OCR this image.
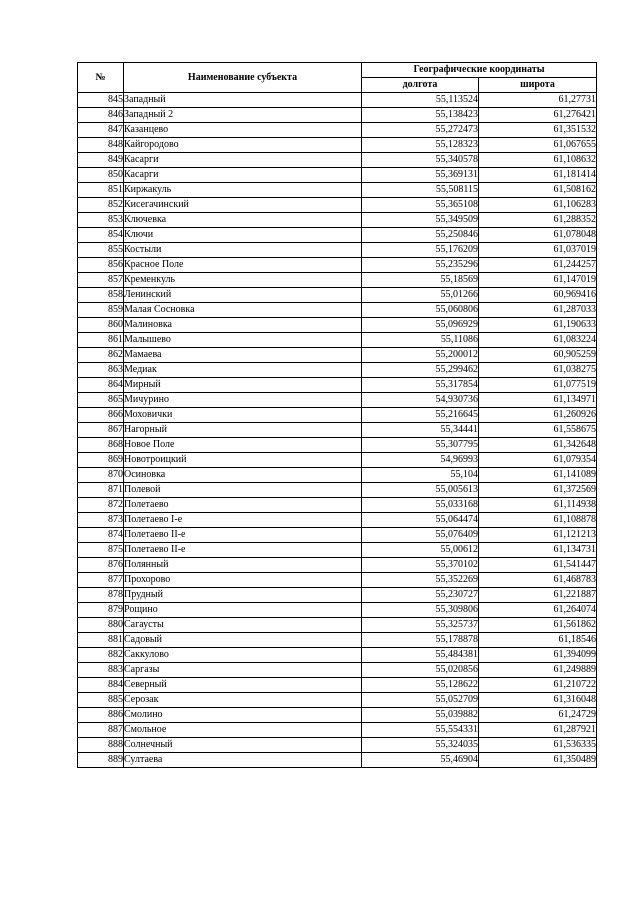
№	Наименование субъекта	Географические координаты	
		долгота	широта
845	Западный	55,113524	61,27731
846	Западный 2	55,138423	61,276421
847	Казанцево	55,272473	61,351532
848	Кайгородово	55,128323	61,067655
849	Касарги	55,340578	61,108632
850	Касарги	55,369131	61,181414
851	Киржакуль	55,508115	61,508162
852	Кисегачинский	55,365108	61,106283
853	Ключевка	55,349509	61,288352
854	Ключи	55,250846	61,078048
855	Костыли	55,176209	61,037019
856	Красное Поле	55,235296	61,244257
857	Кременкуль	55,18569	61,147019
858	Ленинский	55,01266	60,969416
859	Малая Сосновка	55,060806	61,287033
860	Малиновка	55,096929	61,190633
861	Малышево	55,11086	61,083224
862	Мамаева	55,200012	60,905259
863	Медиак	55,299462	61,038275
864	Мирный	55,317854	61,077519
865	Мичурино	54,930736	61,134971
866	Моховички	55,216645	61,260926
867	Нагорный	55,34441	61,558675
868	Новое Поле	55,307795	61,342648
869	Новотроицкий	54,96993	61,079354
870	Осиновка	55,104	61,141089
871	Полевой	55,005613	61,372569
872	Полетаево	55,033168	61,114938
873	Полетаево I-е	55,064474	61,108878
874	Полетаево II-е	55,076409	61,121213
875	Полетаево II-е	55,00612	61,134731
876	Полянный	55,370102	61,541447
877	Прохорово	55,352269	61,468783
878	Прудный	55,230727	61,221887
879	Рощино	55,309806	61,264074
880	Сагаусты	55,325737	61,561862
881	Садовый	55,178878	61,18546
882	Саккулово	55,484381	61,394099
883	Саргазы	55,020856	61,249889
884	Северный	55,128622	61,210722
885	Серозак	55,052709	61,316048
886	Смолино	55,039882	61,24729
887	Смольное	55,554331	61,287921
888	Солнечный	55,324035	61,536335
889	Султаева	55,46904	61,350489
